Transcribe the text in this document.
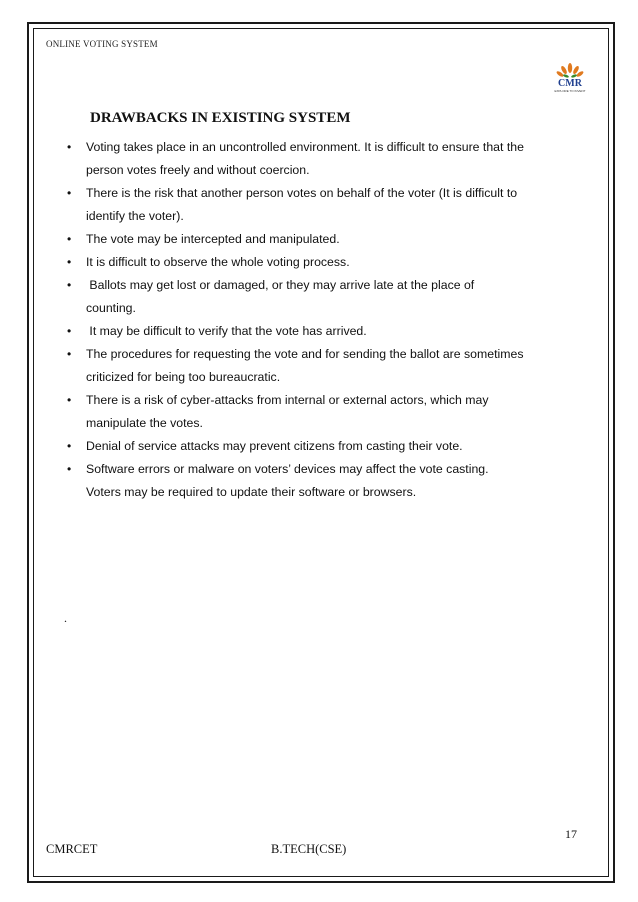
ONLINE VOTING SYSTEM
CMR
EXPLORE TO INVENT
DRAWBACKS IN EXISTING SYSTEM
• Voting takes place in an uncontrolled environment. It is difficult to ensure that the
person votes freely and without coercion.
• There is the risk that another person votes on behalf of the voter (It is difficult to
identify the voter).
• The vote may be intercepted and manipulated.
• It is difficult to observe the whole voting process.
• Ballots may get lost or damaged, or they may arrive late at the place of
counting.
• It may be difficult to verify that the vote has arrived.
• The procedures for requesting the vote and for sending the ballot are sometimes
criticized for being too bureaucratic.
• There is a risk of cyber-attacks from internal or external actors, which may
manipulate the votes.
• Denial of service attacks may prevent citizens from casting their vote.
• Software errors or malware on voters’ devices may affect the vote casting.
Voters may be required to update their software or browsers.
.
17
CMRCET	B.TECH(CSE)
